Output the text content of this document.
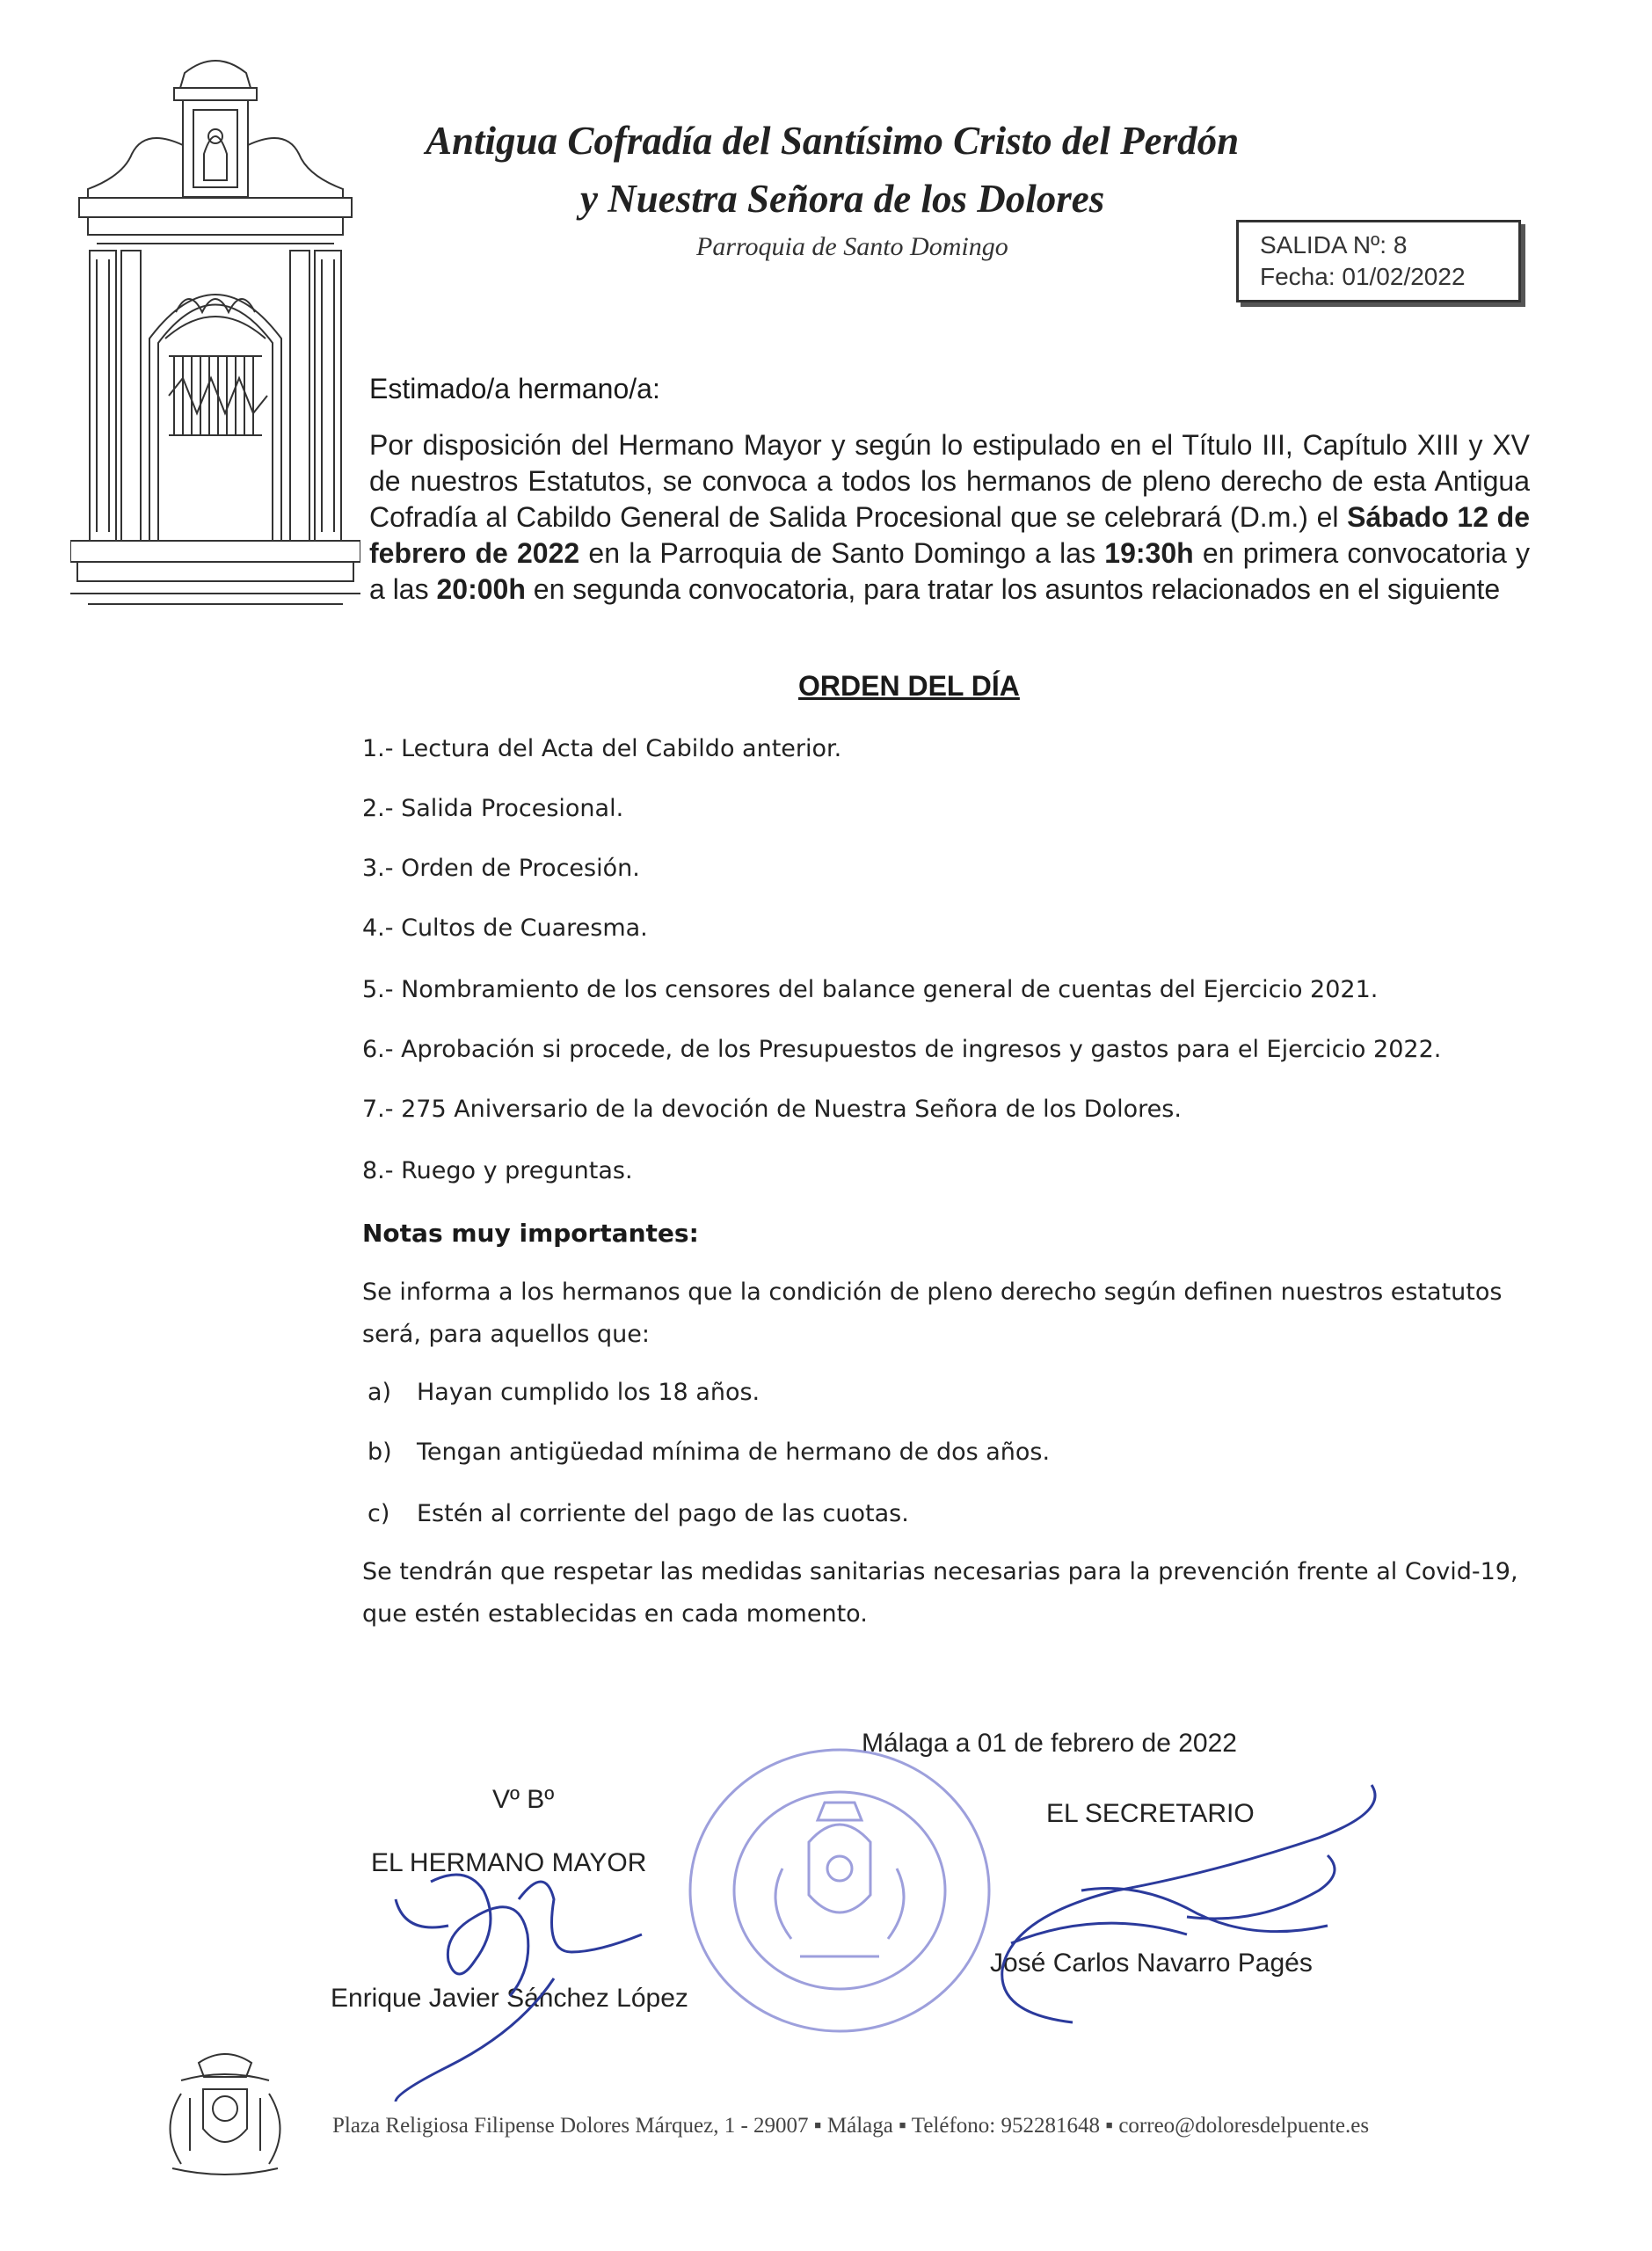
Antigua Cofradía del Santísimo Cristo del Perdón
y Nuestra Señora de los Dolores
Parroquia de Santo Domingo	SALIDA Nº: 8
Fecha: 01/02/2022
Estimado/a hermano/a:
Por disposición del Hermano Mayor y según lo estipulado en el Título III, Capítulo XIII y XV de nuestros Estatutos, se convoca a todos los hermanos de pleno derecho de esta Antigua Cofradía al Cabildo General de Salida Procesional que se celebrará (D.m.) el Sábado 12 de febrero de 2022 en la Parroquia de Santo Domingo a las 19:30h en primera convocatoria y a las 20:00h en segunda convocatoria, para tratar los asuntos relacionados en el siguiente
ORDEN DEL DÍA
1.- Lectura del Acta del Cabildo anterior.
2.- Salida Procesional.
3.- Orden de Procesión.
4.- Cultos de Cuaresma.
5.- Nombramiento de los censores del balance general de cuentas del Ejercicio 2021.
6.- Aprobación si procede, de los Presupuestos de ingresos y gastos para el Ejercicio 2022.
7.- 275 Aniversario de la devoción de Nuestra Señora de los Dolores.
8.- Ruego y preguntas.
Notas muy importantes:
Se informa a los hermanos que la condición de pleno derecho según definen nuestros estatutos será, para aquellos que:
a) Hayan cumplido los 18 años.
b) Tengan antigüedad mínima de hermano de dos años.
c) Estén al corriente del pago de las cuotas.
Se tendrán que respetar las medidas sanitarias necesarias para la prevención frente al Covid-19, que estén establecidas en cada momento.
Málaga a 01 de febrero de 2022
Vº Bº	EL SECRETARIO
EL HERMANO MAYOR
José Carlos Navarro Pagés
Enrique Javier Sánchez López
Plaza Religiosa Filipense Dolores Márquez, 1 - 29007 ▪ Málaga ▪ Teléfono: 952281648 ▪ correo@doloresdelpuente.es
